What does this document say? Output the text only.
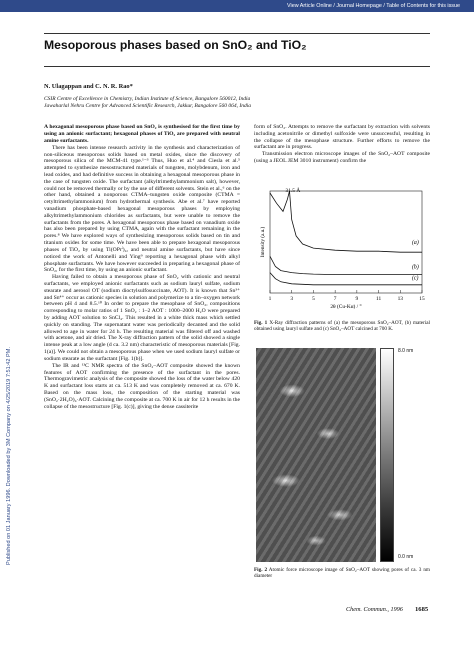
View Article Online / Journal Homepage / Table of Contents for this issue
Published on 01 January 1996. Downloaded by 3M Company on 4/25/2019 7:51:42 PM.
Mesoporous phases based on SnO₂ and TiO₂
N. Ulagappan and C. N. R. Rao*
CSIR Centre of Excellence in Chemistry, Indian Institute of Science, Bangalore 560012, India
Jawaharlal Nehru Centre for Advanced Scientific Research, Jakkur, Bangalore 560 064, India

A hexagonal mesoporous phase based on SnO₂ is synthesised for the first time by using an anionic surfactant; hexagonal phases of TiO₂ are prepared with neutral amine surfactants.

There has been intense research activity in the synthesis and characterization of non-siliceous mesoporous solids based on metal oxides, since the discovery of mesoporous silica of the MCM-41 type.¹⁻³ Thus, Huo et al.⁴ and Ciesla et al.⁵ attempted to synthesize mesostructured materials of tungsten, molybdenum, iron and lead oxides, and had definitive success in obtaining a hexagonal mesoporous phase in the case of tungsten oxide. The surfactant (alkyltrimethylammonium salt), however, could not be removed thermally or by the use of different solvents. Stein et al.,⁶ on the other hand, obtained a nonporous CTMA–tungsten oxide composite (CTMA = cetyltrimethylammonium) from hydrothermal synthesis. Abe et al.⁷ have reported vanadium phosphate-based hexagonal mesoporous phases by employing alkyltrimethylammonium chlorides as surfactants, but were unable to remove the surfactants from the pores. A hexagonal mesoporous phase based on vanadium oxide has also been prepared by using CTMA, again with the surfactant remaining in the pores.⁸ We have explored ways of synthesizing mesoporous solids based on tin and titanium oxides for some time. We have been able to prepare hexagonal mesoporous phases of TiO₂ by using Ti(OPrⁱ)₄, and neutral amine surfactants, but have since noticed the work of Antonelli and Ying⁹ reporting a hexagonal phase with alkyl phosphate surfactants. We have however succeeded in preparing a hexagonal phase of SnO₂, for the first time, by using an anionic surfactant.

Having failed to obtain a mesoporous phase of SnO₂ with cationic and neutral surfactants, we employed anionic surfactants such as sodium lauryl sulfate, sodium stearate and aerosol OT (sodium dioctylsulfosuccinate, AOT). It is known that Sn³⁺ and Sn⁴⁺ occur as cationic species in solution and polymerize to a tin–oxygen network between pH 4 and 8.5.¹⁰ In order to prepare the mesophase of SnO₂, compositions corresponding to molar ratios of 1 SnO₂ : 1–2 AOT : 1000–2000 H₂O were prepared by adding AOT solution to SnCl₄. This resulted in a white thick mass which settled quickly on standing. The supernatant water was periodically decanted and the solid allowed to age in water for 24 h. The resulting material was filtered off and washed with acetone, and air dried. The X-ray diffraction pattern of the solid showed a single intense peak at a low angle (d ca. 3.2 nm) characteristic of mesoporous materials [Fig. 1(a)]. We could not obtain a mesoporous phase when we used sodium lauryl sulfate or sodium stearate as the surfactant [Fig. 1(b)].

The IR and ¹³C NMR spectra of the SnO₂–AOT composite showed the known features of AOT confirming the presence of the surfactant in the pores. Thermogravimetric analysis of the composite showed the loss of the water below 420 K and surfactant loss starts at ca. 513 K and was completely removed at ca. 670 K. Based on the mass loss, the composition of the starting material was (SnO₂·2H₂O)₄·AOT. Calcining the composite at ca. 700 K in air for 12 h results in the collapse of the mesostructure [Fig. 1(c)], giving the dense cassiterite

form of SnO₂. Attempts to remove the surfactant by extraction with solvents including acetonitrile or dimethyl sulfoxide were unsuccessful, resulting in the collapse of the mesophase structure. Further efforts to remove the surfactant are in progress.

Transmission electron microscope images of the SnO₂–AOT composite (using a JEOL JEM 3010 instrument) confirm the

1	3	5	7	9	11	13	15
2θ (Cu-Kα) / °
Intensity (a.u.)	(a)
(b)
(c)
31.5 Å
Fig. 1 X-Ray diffraction patterns of (a) the mesoporous SnO₂–AOT, (b) material obtained using lauryl sulfate and (c) SnO₂–AOT calcined at 700 K.
8.0 nm
0.0 nm
Fig. 2 Atomic force microscope image of SnO₂–AOT showing pores of ca. 3 nm diameter
Chem. Commun., 1996 1685
